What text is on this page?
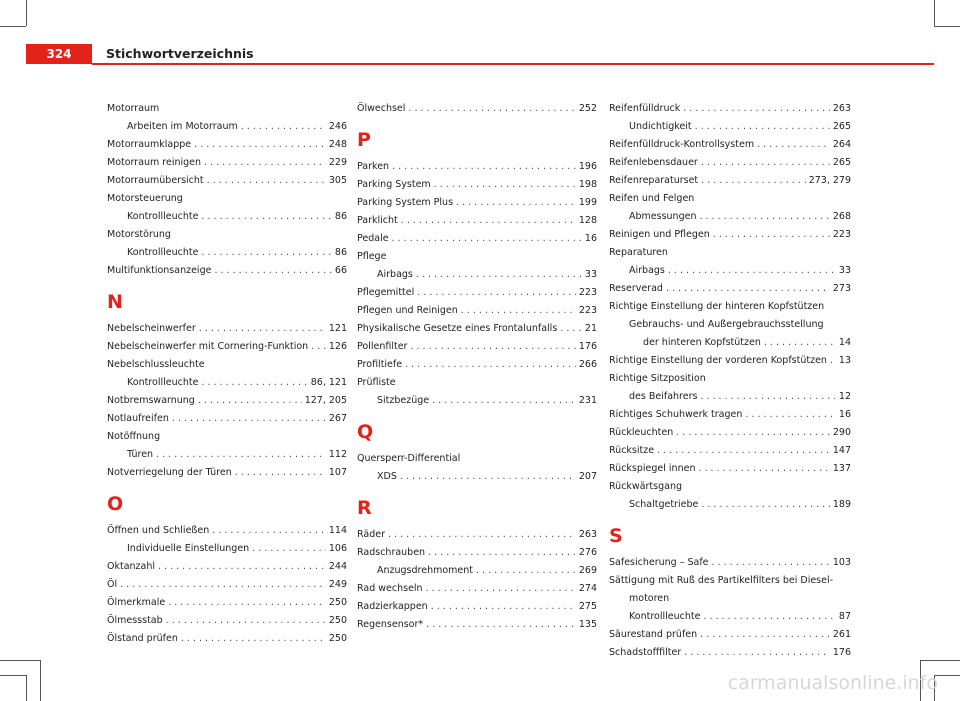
324	Stichwortverzeichnis
Motorraum
Arbeiten im Motorraum . . .	246
Motorraumklappe . . .	248
Motorraum reinigen . . .	229
Motorraumübersicht . . .	305
Motorsteuerung
Kontrollleuchte . . .	86
Motorstörung
Kontrollleuchte . . .	86
Multifunktionsanzeige . . .	66
N
Nebelscheinwerfer . . .	121
Nebelscheinwerfer mit Cornering-Funktion . . . 126
Nebelschlussleuchte
Kontrollleuchte . . .	86, 121
Notbremswarnung . . .	127, 205
Notlaufreifen . . .	267
Notöffnung
Türen . . .	112
Notverriegelung der Türen . . .	107
O
Öffnen und Schließen . . .	114
Individuelle Einstellungen . . .	106
Oktanzahl . . .	244
Öl . . .	249
Ölmerkmale . . .	250
Ölmessstab . . .	250
Ölstand prüfen . . .	250
Ölwechsel . . .	252
P
Parken . . .	196
Parking System . . .	198
Parking System Plus . . .	199
Parklicht . . .	128
Pedale . . .	16
Pflege
Airbags . . .	33
Pflegemittel . . .	223
Pflegen und Reinigen . . .	223
Physikalische Gesetze eines Frontalunfalls . . .	21
Pollenfilter . . .	176
Profiltiefe . . .	266
Prüfliste
Sitzbezüge . . .	231
Q
Quersperr-Differential
XDS . . .	207
R
Räder . . .	263
Radschrauben . . .	276
Anzugsdrehmoment . . .	269
Rad wechseln . . .	274
Radzierkappen . . .	275
Regensensor* . . .	135
Reifenfülldruck . . .	263
Undichtigkeit . . .	265
Reifenfülldruck-Kontrollsystem . . .	264
Reifenlebensdauer . . .	265
Reifenreparaturset . . .	273, 279
Reifen und Felgen
Abmessungen . . .	268
Reinigen und Pflegen . . .	223
Reparaturen
Airbags . . .	33
Reserverad . . .	273
Richtige Einstellung der hinteren Kopfstützen
Gebrauchs- und Außergebrauchsstellung
der hinteren Kopfstützen . . .	14
Richtige Einstellung der vorderen Kopfstützen . . . 13
Richtige Sitzposition
des Beifahrers . . .	12
Richtiges Schuhwerk tragen . . .	16
Rückleuchten . . .	290
Rücksitze . . .	147
Rückspiegel innen . . .	137
Rückwärtsgang
Schaltgetriebe . . .	189
S
Safesicherung – Safe . . .	103
Sättigung mit Ruß des Partikelfilters bei Diesel-
motoren
Kontrollleuchte . . .	87
Säurestand prüfen . . .	261
Schadstofffilter . . .	176
carmanualsonline.info
